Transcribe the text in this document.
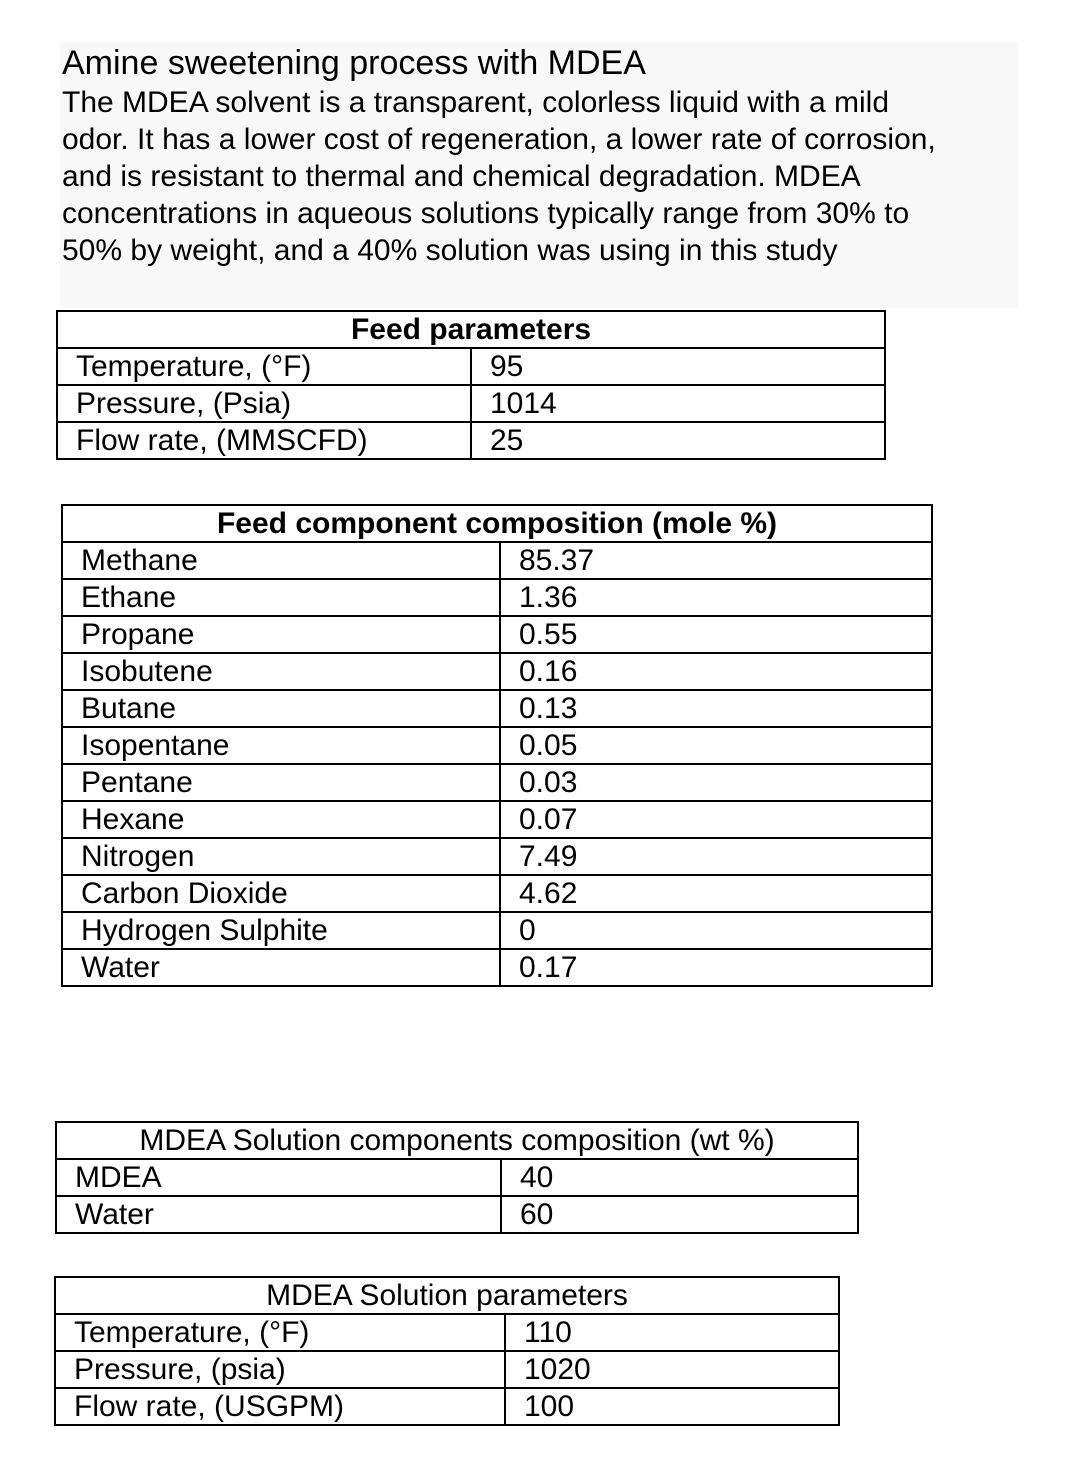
Amine sweetening process with MDEA
The MDEA solvent is a transparent, colorless liquid with a mild
odor. It has a lower cost of regeneration, a lower rate of corrosion,
and is resistant to thermal and chemical degradation. MDEA
concentrations in aqueous solutions typically range from 30% to
50% by weight, and a 40% solution was using in this study
Feed parameters	
Temperature, (°F)	95
Pressure, (Psia)	1014
Flow rate, (MMSCFD)	25
Feed component composition (mole %)	
Methane	85.37
Ethane	1.36
Propane	0.55
Isobutene	0.16
Butane	0.13
Isopentane	0.05
Pentane	0.03
Hexane	0.07
Nitrogen	7.49
Carbon Dioxide	4.62
Hydrogen Sulphite	0
Water	0.17
MDEA Solution components composition (wt %)	
MDEA	40
Water	60
MDEA Solution parameters	
Temperature, (°F)	110
Pressure, (psia)	1020
Flow rate, (USGPM)	100
